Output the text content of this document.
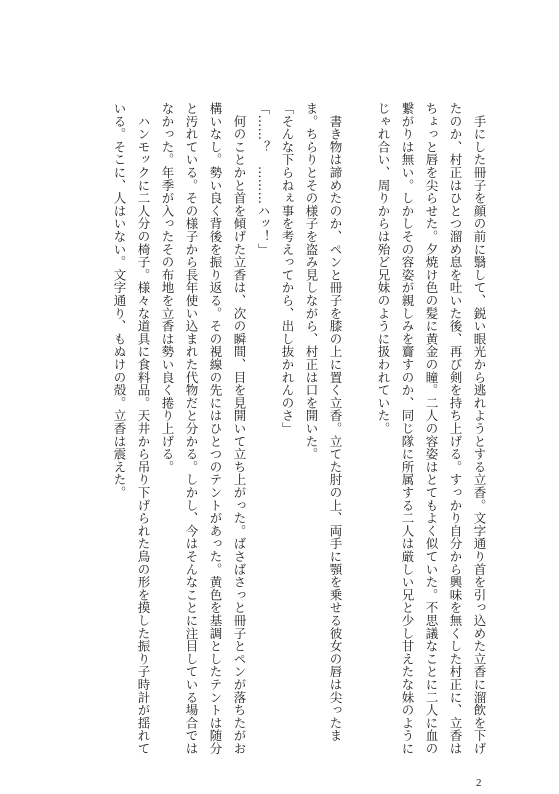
　手にした冊子を顔の前に翳して、鋭い眼光から逃れようとする立香。文字通り首を引っ込めた立香に溜飲を下げたのか、村正はひとつ溜め息を吐いた後、再び剣を持ち上げる。すっかり自分から興味を無くした村正に、立香はちょっと唇を尖らせた。夕焼け色の髪に黄金の瞳。二人の容姿はとてもよく似ていた。不思議なことに二人に血の繋がりは無い。しかしその容姿が親しみを齎すのか、同じ隊に所属する二人は厳しい兄と少し甘えたな妹のようにじゃれ合い、周りからは殆ど兄妹のように扱われていた。

　書き物は諦めたのか、ペンと冊子を膝の上に置く立香。立てた肘の上、両手に顎を乗せる彼女の唇は尖ったまま。ちらりとその様子を盗み見しながら、村正は口を開いた。

「そんな下らねぇ事を考えってから、出し抜かれんのさ」

「……？　………ハッ！」

　何のことかと首を傾げた立香は、次の瞬間、目を見開いて立ち上がった。ばさばさっと冊子とペンが落ちたがお構いなし。勢い良く背後を振り返る。その視線の先にはひとつのテントがあった。黄色を基調としたテントは随分と汚れている。その様子から長年使い込まれた代物だと分かる。しかし、今はそんなことに注目している場合ではなかった。年季が入ったその布地を立香は勢い良く捲り上げる。

　ハンモックに二人分の椅子。様々な道具に食料品。天井から吊り下げられた鳥の形を摸した振り子時計が揺れている。そこに、人はいない。文字通り、もぬけの殻。立香は震えた。

2
